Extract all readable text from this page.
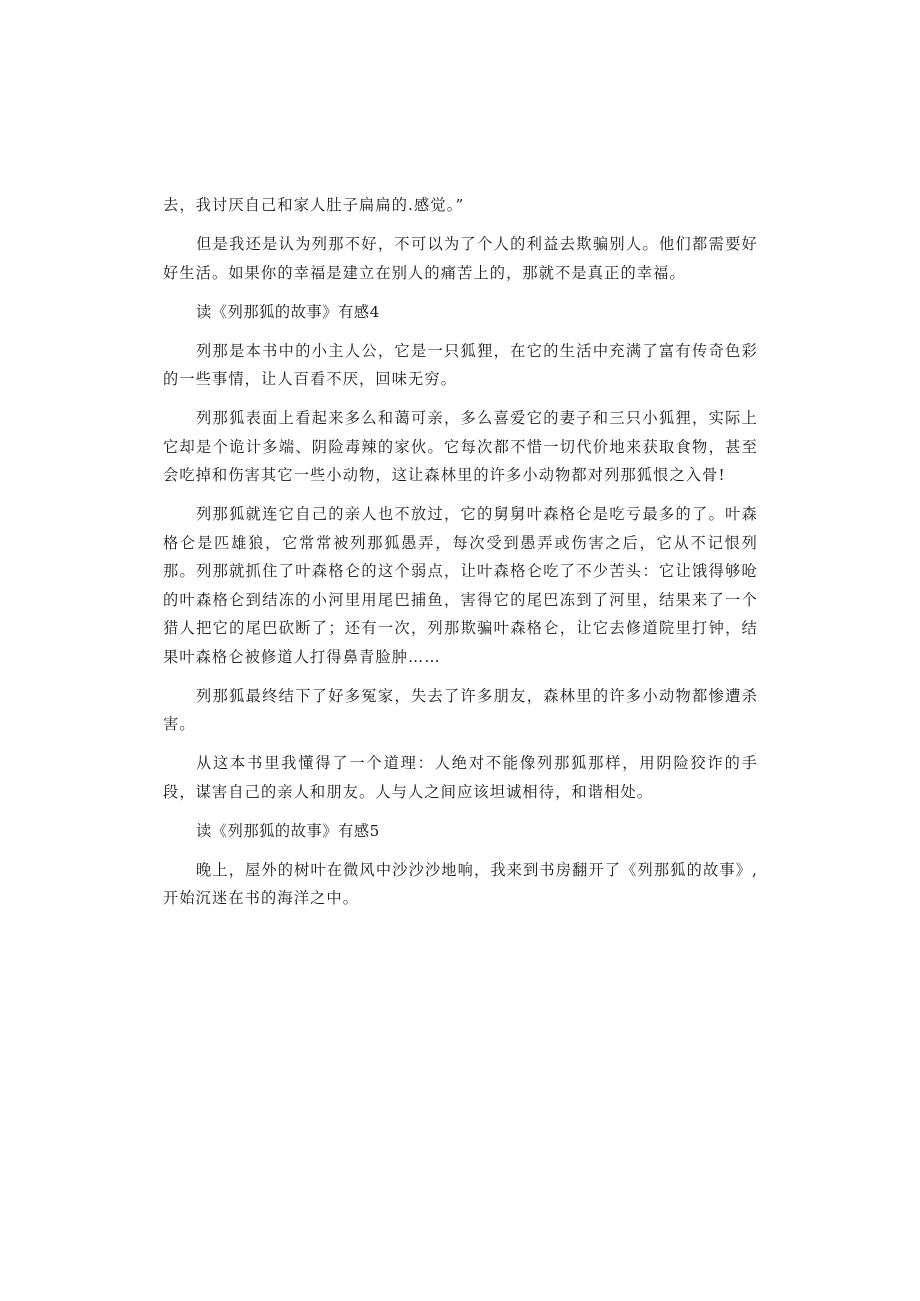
去，我讨厌自己和家人肚子扁扁的.感觉。”

但是我还是认为列那不好，不可以为了个人的利益去欺骗别人。他们都需要好好生活。如果你的幸福是建立在别人的痛苦上的，那就不是真正的幸福。

读《列那狐的故事》有感4

列那是本书中的小主人公，它是一只狐狸，在它的生活中充满了富有传奇色彩的一些事情，让人百看不厌，回味无穷。

列那狐表面上看起来多么和蔼可亲，多么喜爱它的妻子和三只小狐狸，实际上它却是个诡计多端、阴险毒辣的家伙。它每次都不惜一切代价地来获取食物，甚至会吃掉和伤害其它一些小动物，这让森林里的许多小动物都对列那狐恨之入骨!

列那狐就连它自己的亲人也不放过，它的舅舅叶森格仑是吃亏最多的了。叶森格仑是匹雄狼，它常常被列那狐愚弄，每次受到愚弄或伤害之后，它从不记恨列那。列那就抓住了叶森格仑的这个弱点，让叶森格仑吃了不少苦头：它让饿得够呛的叶森格仑到结冻的小河里用尾巴捕鱼，害得它的尾巴冻到了河里，结果来了一个猎人把它的尾巴砍断了；还有一次，列那欺骗叶森格仑，让它去修道院里打钟，结果叶森格仑被修道人打得鼻青脸肿……

列那狐最终结下了好多冤家，失去了许多朋友，森林里的许多小动物都惨遭杀害。

从这本书里我懂得了一个道理：人绝对不能像列那狐那样，用阴险狡诈的手段，谋害自己的亲人和朋友。人与人之间应该坦诚相待，和谐相处。

读《列那狐的故事》有感5

晚上，屋外的树叶在微风中沙沙沙地响，我来到书房翻开了《列那狐的故事》,开始沉迷在书的海洋之中。
